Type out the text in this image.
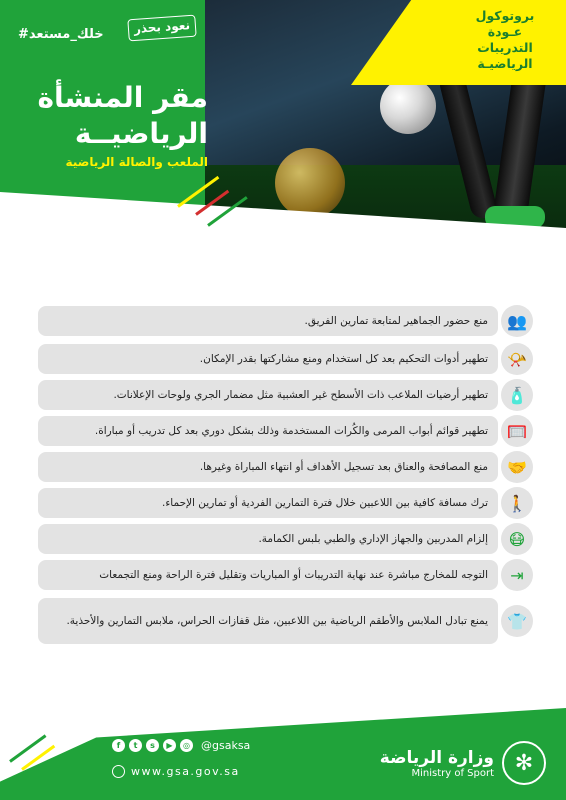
#خلك_مستعد	نعود بحذر
بروتوكول
عـودة
التدريبات
الرياضيـة
مقر المنشأة
الرياضيــة
الملعب والصالة الرياضية
منع حضور الجماهير لمتابعة تمارين الفريق.	👥
تطهير أدوات التحكيم بعد كل استخدام ومنع مشاركتها بقدر الإمكان.	📯
تطهير أرضيات الملاعب ذات الأسطح غير العشبية مثل مضمار الجري ولوحات الإعلانات.	🧴
تطهير قوائم أبواب المرمى والكُرات المستخدمة وذلك بشكل دوري بعد كل تدريب أو مباراة.	🥅
منع المصافحة والعناق بعد تسجيل الأهداف أو انتهاء المباراة وغيرها.	🤝
ترك مسافة كافية بين اللاعبين خلال فترة التمارين الفردية أو تمارين الإحماء.	🚶
إلزام المدربين والجهاز الإداري والطبي بلبس الكمامة.	😷
التوجه للمخارج مباشرة عند نهاية التدريبات أو المباريات وتقليل فترة الراحة ومنع التجمعات	⇥
يمنع تبادل الملابس والأطقم الرياضية بين اللاعبين، مثل قفازات الحراس، ملابس التمارين والأحذية.	👕
f	t	s	▶	◎ @gsaksa
www.gsa.gov.sa
وزارة الرياضة
Ministry of Sport ✻
